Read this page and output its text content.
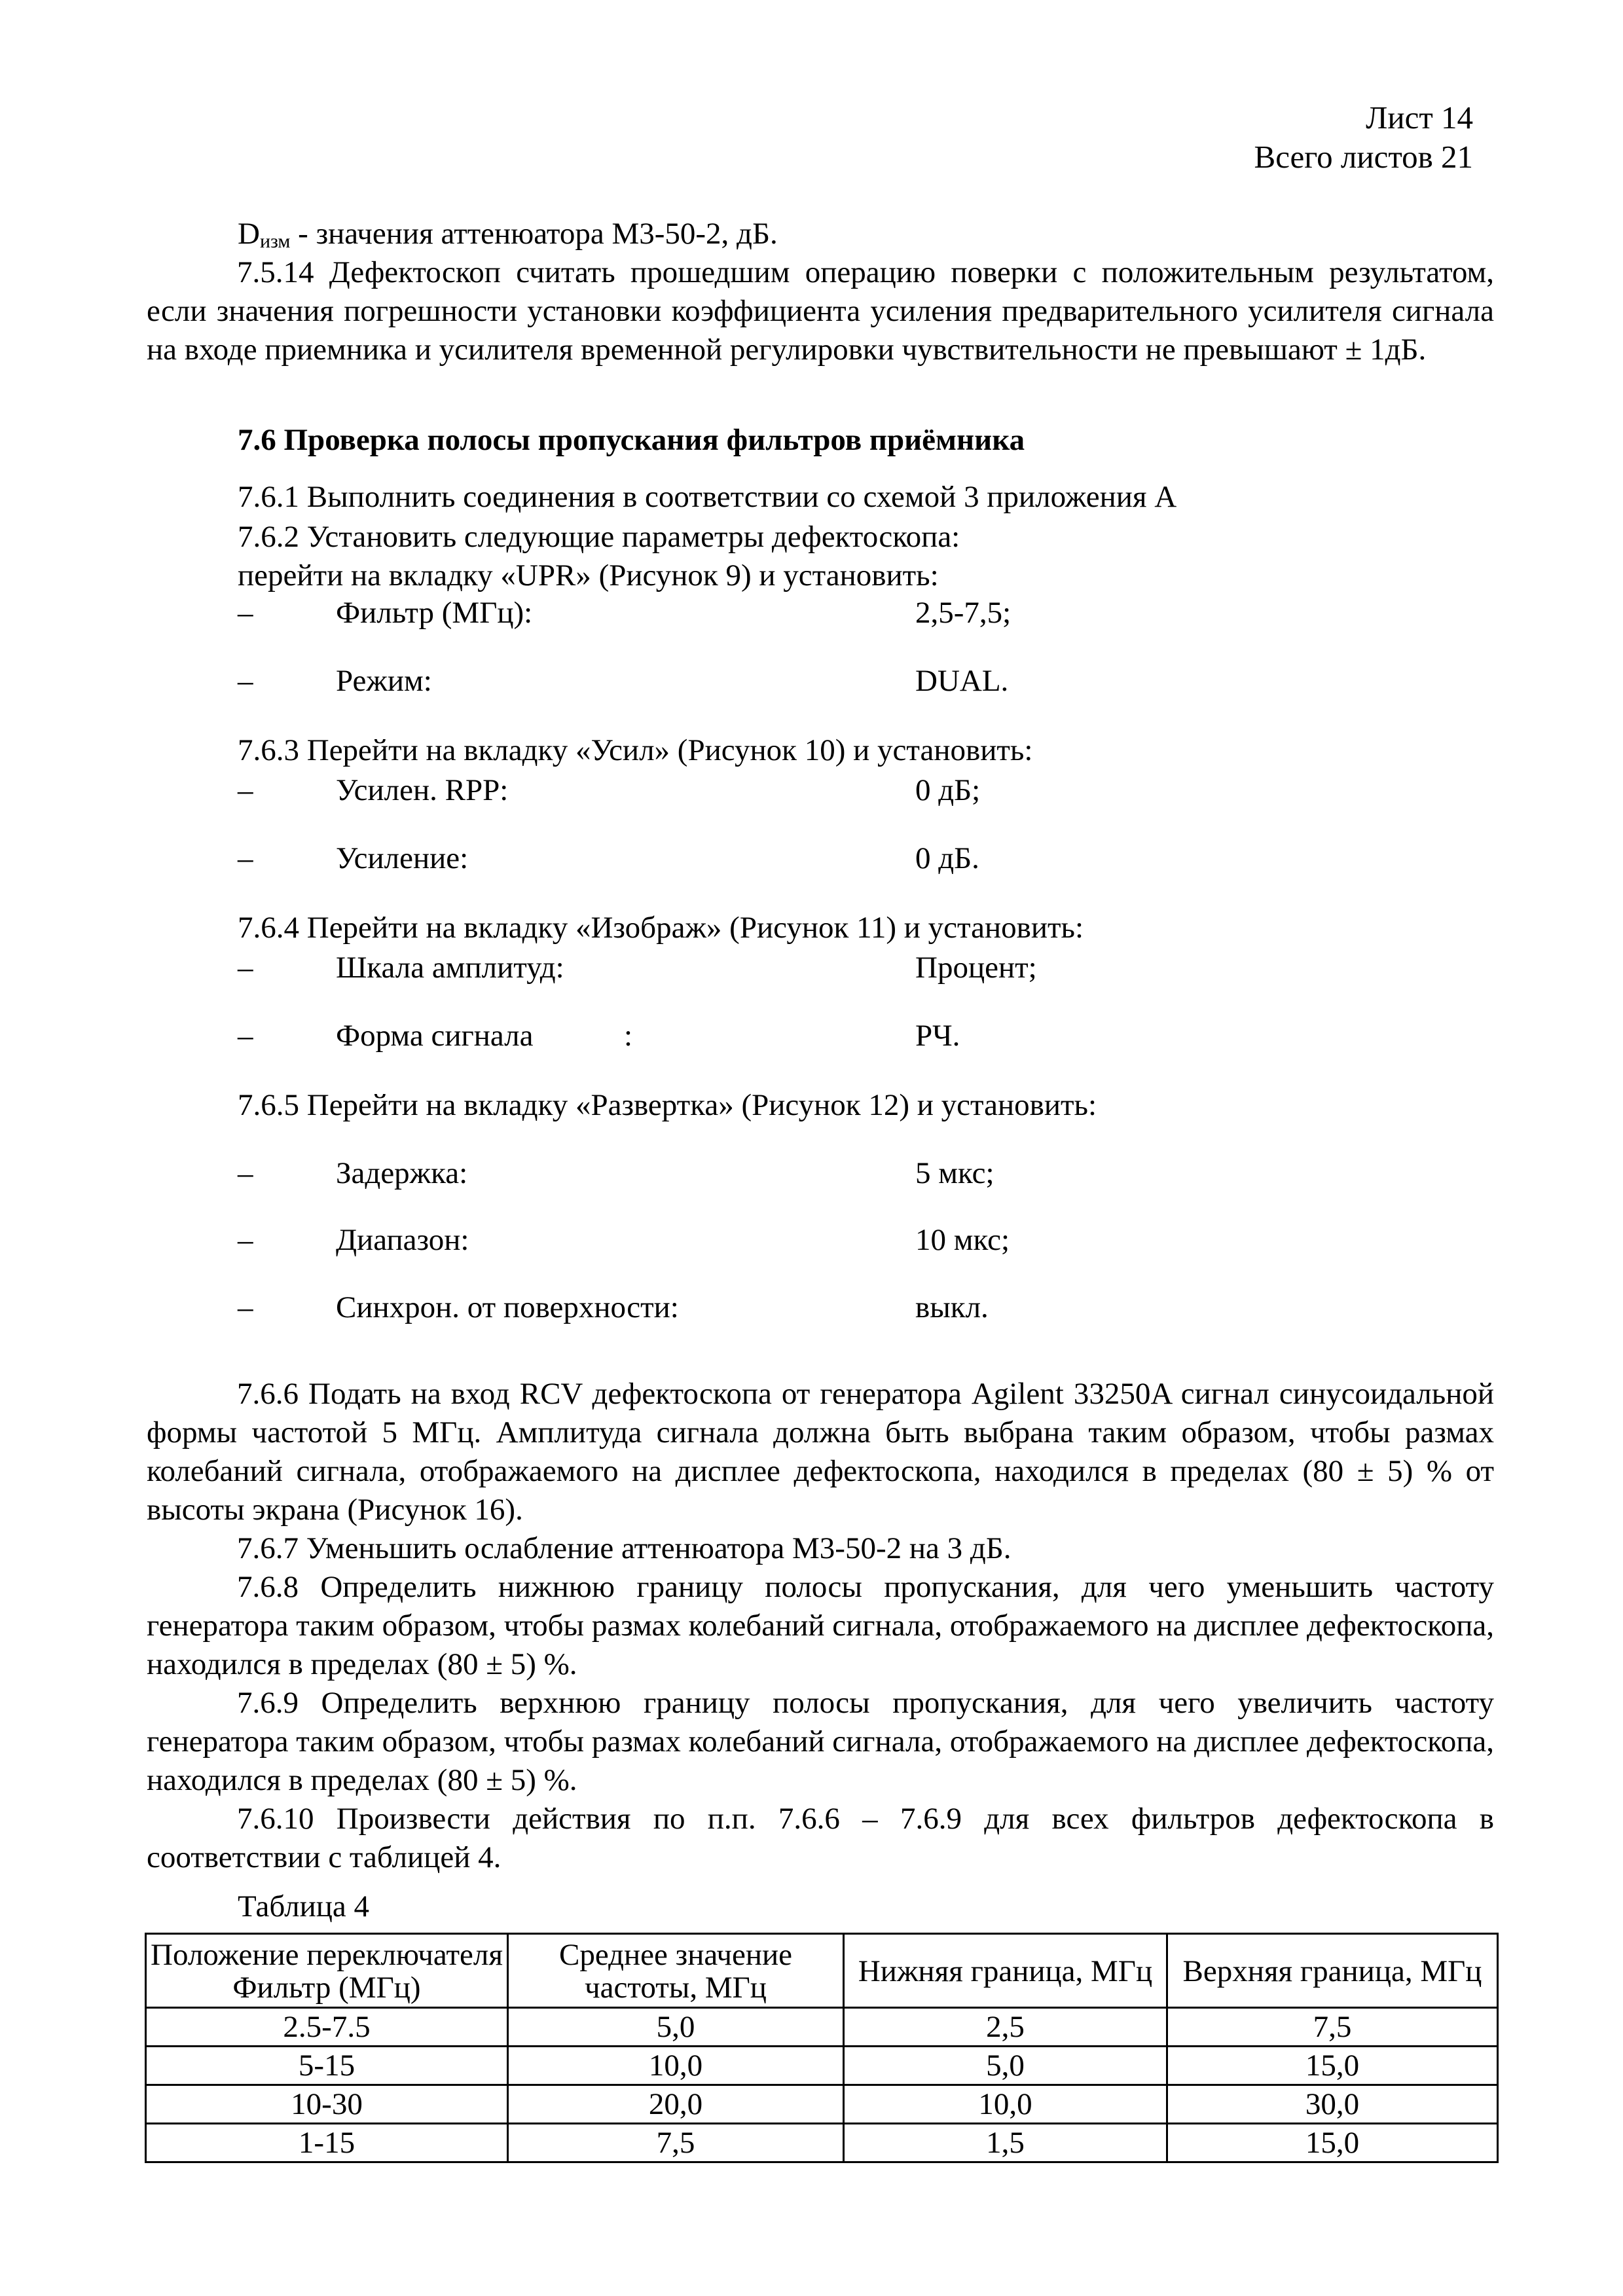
Лист 14
Всего листов 21
$D_{изм}$ - значения аттенюатора М3-50-2, дБ.
7.5.14 Дефектоскоп считать прошедшим операцию поверки с положительным результатом, если значения погрешности установки коэффициента усиления предварительного усилителя сигнала на входе приемника и усилителя временной регулировки чувствительности не превышают ± 1дБ.
7.6 Проверка полосы пропускания фильтров приёмника
7.6.1 Выполнить соединения в соответствии со схемой 3 приложения А
7.6.2 Установить следующие параметры дефектоскопа:
перейти на вкладку «UPR» (Рисунок 9) и установить:
–	Фильтр (МГц):	2,5-7,5;
–	Режим:	DUAL.
7.6.3 Перейти на вкладку «Усил» (Рисунок 10) и установить:
–	Усилен. RPP:	0 дБ;
–	Усиление:	0 дБ.
7.6.4 Перейти на вкладку «Изображ» (Рисунок 11) и установить:
–	Шкала амплитуд:	Процент;
–	Форма сигнала	:	РЧ.
7.6.5 Перейти на вкладку «Развертка» (Рисунок 12) и установить:
–	Задержка:	5 мкс;
–	Диапазон:	10 мкс;
–	Синхрон. от поверхности:	выкл.
7.6.6 Подать на вход RCV дефектоскопа от генератора Agilent 33250A сигнал синусоидальной формы частотой 5 МГц. Амплитуда сигнала должна быть выбрана таким образом, чтобы размах колебаний сигнала, отображаемого на дисплее дефектоскопа, находился в пределах (80 ± 5) % от высоты экрана (Рисунок 16).
7.6.7 Уменьшить ослабление аттенюатора М3-50-2 на 3 дБ.
7.6.8 Определить нижнюю границу полосы пропускания, для чего уменьшить частоту генератора таким образом, чтобы размах колебаний сигнала, отображаемого на дисплее дефектоскопа, находился в пределах (80 ± 5) %.
7.6.9 Определить верхнюю границу полосы пропускания, для чего увеличить частоту генератора таким образом, чтобы размах колебаний сигнала, отображаемого на дисплее дефектоскопа, находился в пределах (80 ± 5) %.
7.6.10 Произвести действия по п.п. 7.6.6 – 7.6.9 для всех фильтров дефектоскопа в соответствии с таблицей 4.
Таблица 4
Положение переключателя Фильтр (МГц)	Среднее значение частоты, МГц	Нижняя граница, МГц	Верхняя граница, МГц
2.5-7.5	5,0	2,5	7,5
5-15	10,0	5,0	15,0
10-30	20,0	10,0	30,0
1-15	7,5	1,5	15,0
